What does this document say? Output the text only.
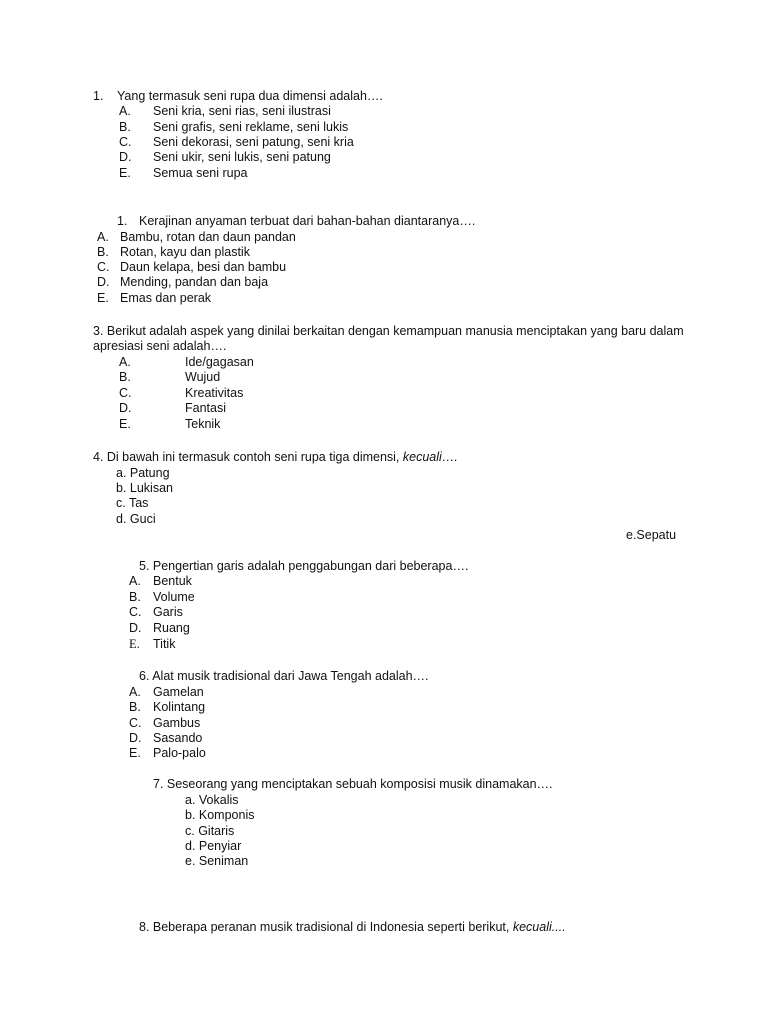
1. Yang termasuk seni rupa dua dimensi adalah….
A. Seni kria, seni rias, seni ilustrasi
B. Seni grafis, seni reklame, seni lukis
C. Seni dekorasi, seni patung, seni kria
D. Seni ukir, seni lukis, seni patung
E. Semua seni rupa
1. Kerajinan anyaman terbuat dari bahan-bahan diantaranya….
A. Bambu, rotan dan daun pandan
B. Rotan, kayu dan plastik
C. Daun kelapa, besi dan bambu
D. Mending, pandan dan baja
E. Emas dan perak
3. Berikut adalah aspek yang dinilai berkaitan dengan kemampuan manusia menciptakan yang baru dalam
apresiasi seni adalah….
A.	Ide/gagasan
B.	Wujud
C.	Kreativitas
D.	Fantasi
E.	Teknik
4. Di bawah ini termasuk contoh seni rupa tiga dimensi, kecuali….
a. Patung
b. Lukisan
c. Tas
d. Guci
e.Sepatu
5. Pengertian garis adalah penggabungan dari beberapa….
A. Bentuk
B. Volume
C. Garis
D. Ruang
E. Titik
6. Alat musik tradisional dari Jawa Tengah adalah….
A. Gamelan
B. Kolintang
C. Gambus
D. Sasando
E. Palo-palo
7. Seseorang yang menciptakan sebuah komposisi musik dinamakan….
a. Vokalis
b. Komponis
c. Gitaris
d. Penyiar
e. Seniman
8. Beberapa peranan musik tradisional di Indonesia seperti berikut, kecuali....
